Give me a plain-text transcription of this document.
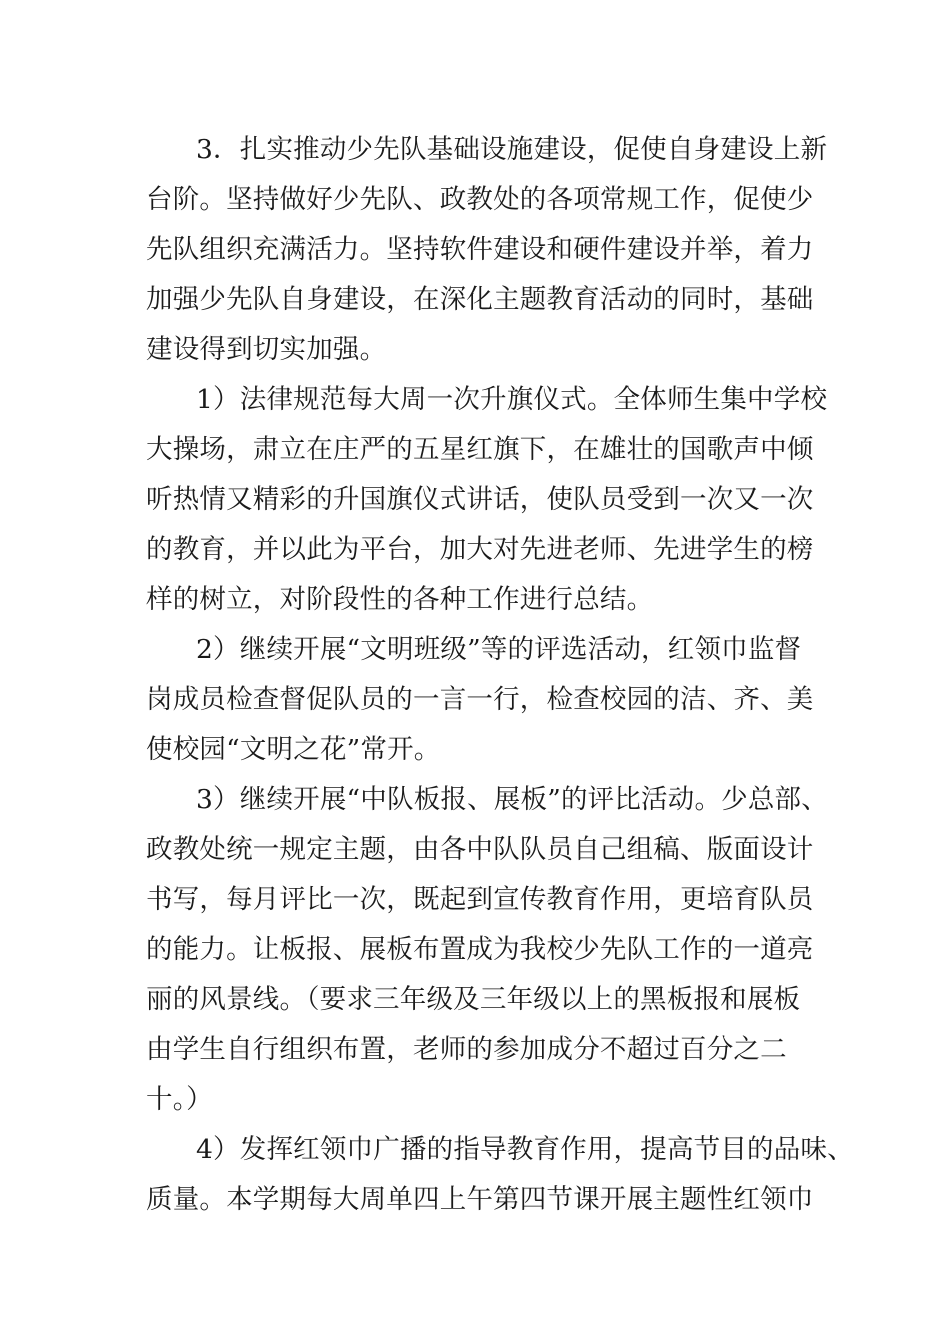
3．扎实推动少先队基础设施建设，促使自身建设上新
台阶。坚持做好少先队、政教处的各项常规工作，促使少
先队组织充满活力。坚持软件建设和硬件建设并举，着力
加强少先队自身建设，在深化主题教育活动的同时，基础
建设得到切实加强。
1）法律规范每大周一次升旗仪式。全体师生集中学校
大操场，肃立在庄严的五星红旗下，在雄壮的国歌声中倾
听热情又精彩的升国旗仪式讲话，使队员受到一次又一次
的教育，并以此为平台，加大对先进老师、先进学生的榜
样的树立，对阶段性的各种工作进行总结。
2）继续开展“文明班级”等的评选活动，红领巾监督
岗成员检查督促队员的一言一行，检查校园的洁、齐、美
使校园“文明之花”常开。
3）继续开展“中队板报、展板”的评比活动。少总部、
政教处统一规定主题，由各中队队员自己组稿、版面设计
书写，每月评比一次，既起到宣传教育作用，更培育队员
的能力。让板报、展板布置成为我校少先队工作的一道亮
丽的风景线。（要求三年级及三年级以上的黑板报和展板
由学生自行组织布置，老师的参加成分不超过百分之二
十。）
4）发挥红领巾广播的指导教育作用，提高节目的品味、
质量。本学期每大周单四上午第四节课开展主题性红领巾
